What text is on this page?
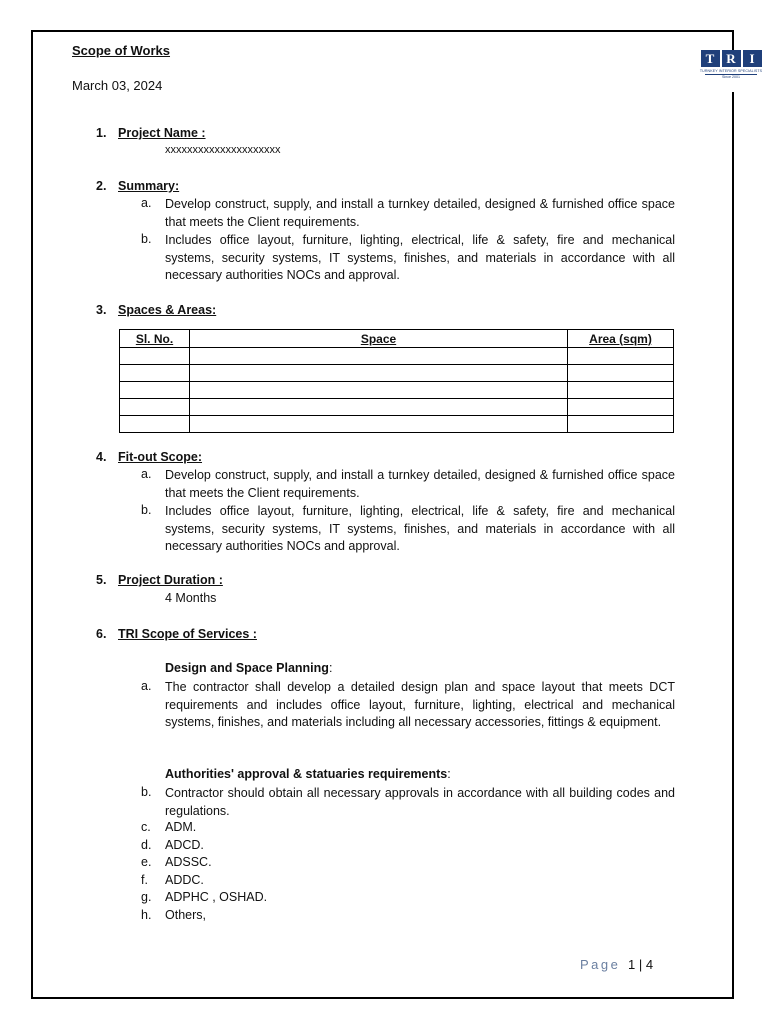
T R	I
TURNKEY INTERIOR SPECIALISTS
Since 2001
Scope of Works
March 03, 2024
1. Project Name :
xxxxxxxxxxxxxxxxxxxxx
2. Summary:
a. Develop construct, supply, and install a turnkey detailed, designed & furnished office space that meets the Client requirements.
b. Includes office layout, furniture, lighting, electrical, life & safety, fire and mechanical systems, security systems, IT systems, finishes, and materials in accordance with all necessary authorities NOCs and approval.
3. Spaces & Areas:
Sl. No.	Space	Area (sqm)

4. Fit-out Scope:
a. Develop construct, supply, and install a turnkey detailed, designed & furnished office space that meets the Client requirements.
b. Includes office layout, furniture, lighting, electrical, life & safety, fire and mechanical systems, security systems, IT systems, finishes, and materials in accordance with all necessary authorities NOCs and approval.
5. Project Duration :
4 Months
6. TRI Scope of Services :
Design and Space Planning:
a. The contractor shall develop a detailed design plan and space layout that meets DCT requirements and includes office layout, furniture, lighting, electrical and mechanical systems, finishes, and materials including all necessary accessories, fittings & equipment.
Authorities' approval & statuaries requirements:
b. Contractor should obtain all necessary approvals in accordance with all building codes and regulations.
c. ADM.
d. ADCD.
e. ADSSC.
f. ADDC.
g. ADPHC , OSHAD.
h. Others,
Page 1 | 4
